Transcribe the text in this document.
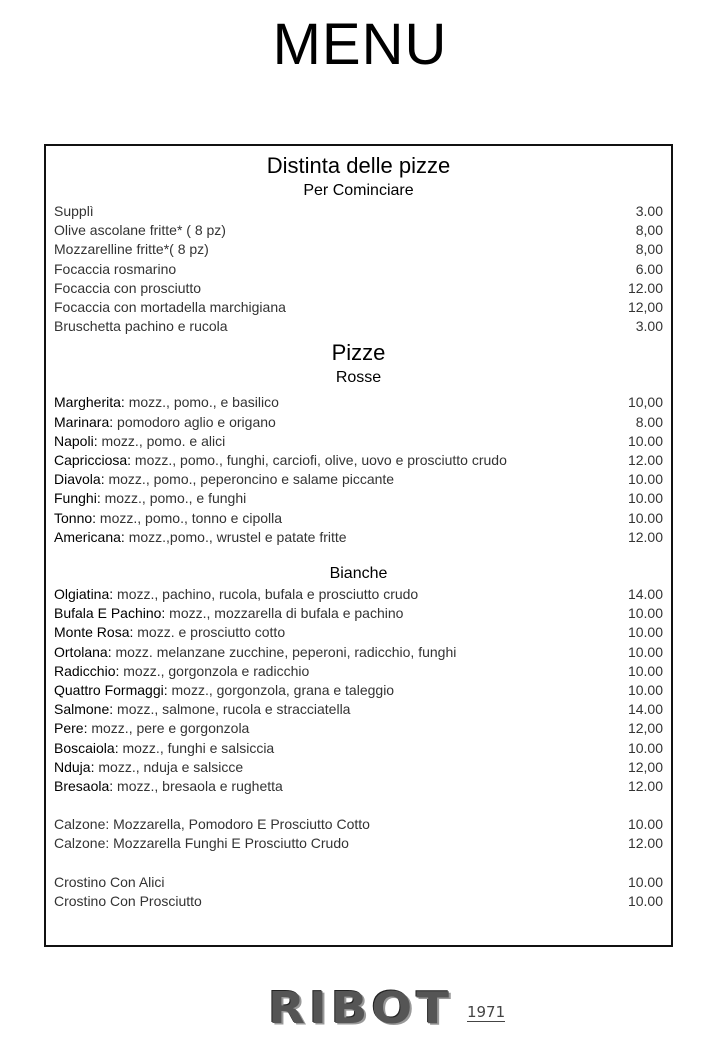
MENU
Distinta delle pizze
Per Cominciare
Supplì	3.00
Olive ascolane fritte* ( 8 pz)	8,00
Mozzarelline fritte*( 8 pz)	8,00
Focaccia rosmarino	6.00
Focaccia con prosciutto	12.00
Focaccia con mortadella marchigiana	12,00
Bruschetta pachino e rucola	3.00
Pizze
Rosse
Margherita: mozz., pomo., e basilico	10,00
Marinara: pomodoro aglio e origano	8.00
Napoli: mozz., pomo. e alici	10.00
Capricciosa: mozz., pomo., funghi, carciofi, olive, uovo e prosciutto crudo	12.00
Diavola: mozz., pomo., peperoncino e salame piccante	10.00
Funghi: mozz., pomo., e funghi	10.00
Tonno: mozz., pomo., tonno e cipolla	10.00
Americana: mozz.,pomo., wrustel e patate fritte	12.00
Bianche
Olgiatina: mozz., pachino, rucola, bufala e prosciutto crudo	14.00
Bufala E Pachino: mozz., mozzarella di bufala e pachino	10.00
Monte Rosa: mozz. e prosciutto cotto	10.00
Ortolana: mozz. melanzane zucchine, peperoni, radicchio, funghi	10.00
Radicchio: mozz., gorgonzola e radicchio	10.00
Quattro Formaggi: mozz., gorgonzola, grana e taleggio	10.00
Salmone: mozz., salmone, rucola e stracciatella	14.00
Pere: mozz., pere e gorgonzola	12,00
Boscaiola: mozz., funghi e salsiccia	10.00
Nduja: mozz., nduja e salsicce	12,00
Bresaola: mozz., bresaola e rughetta	12.00
Calzone: Mozzarella, Pomodoro E Prosciutto Cotto	10.00
Calzone: Mozzarella Funghi E Prosciutto Crudo	12.00
Crostino Con Alici	10.00
Crostino Con Prosciutto	10.00
RIBOT 1971
